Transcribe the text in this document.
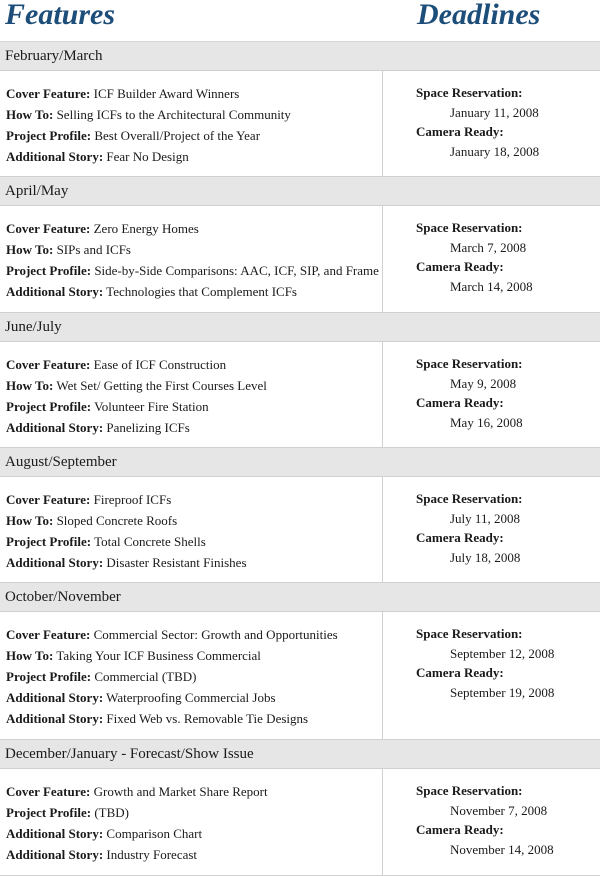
Features	Deadlines
February/March
Cover Feature: ICF Builder Award Winners
How To: Selling ICFs to the Architectural Community
Project Profile: Best Overall/Project of the Year
Additional Story: Fear No Design
Space Reservation:
January 11, 2008
Camera Ready:
January 18, 2008
April/May
Cover Feature: Zero Energy Homes
How To: SIPs and ICFs
Project Profile: Side-by-Side Comparisons: AAC, ICF, SIP, and Frame
Additional Story: Technologies that Complement ICFs
Space Reservation:
March 7, 2008
Camera Ready:
March 14, 2008
June/July
Cover Feature: Ease of ICF Construction
How To: Wet Set/ Getting the First Courses Level
Project Profile: Volunteer Fire Station
Additional Story: Panelizing ICFs
Space Reservation:
May 9, 2008
Camera Ready:
May 16, 2008
August/September
Cover Feature: Fireproof ICFs
How To: Sloped Concrete Roofs
Project Profile: Total Concrete Shells
Additional Story: Disaster Resistant Finishes
Space Reservation:
July 11, 2008
Camera Ready:
July 18, 2008
October/November
Cover Feature: Commercial Sector: Growth and Opportunities
How To: Taking Your ICF Business Commercial
Project Profile: Commercial (TBD)
Additional Story: Waterproofing Commercial Jobs
Additional Story: Fixed Web vs. Removable Tie Designs
Space Reservation:
September 12, 2008
Camera Ready:
September 19, 2008
December/January - Forecast/Show Issue
Cover Feature: Growth and Market Share Report
Project Profile: (TBD)
Additional Story: Comparison Chart
Additional Story: Industry Forecast
Space Reservation:
November 7, 2008
Camera Ready:
November 14, 2008
